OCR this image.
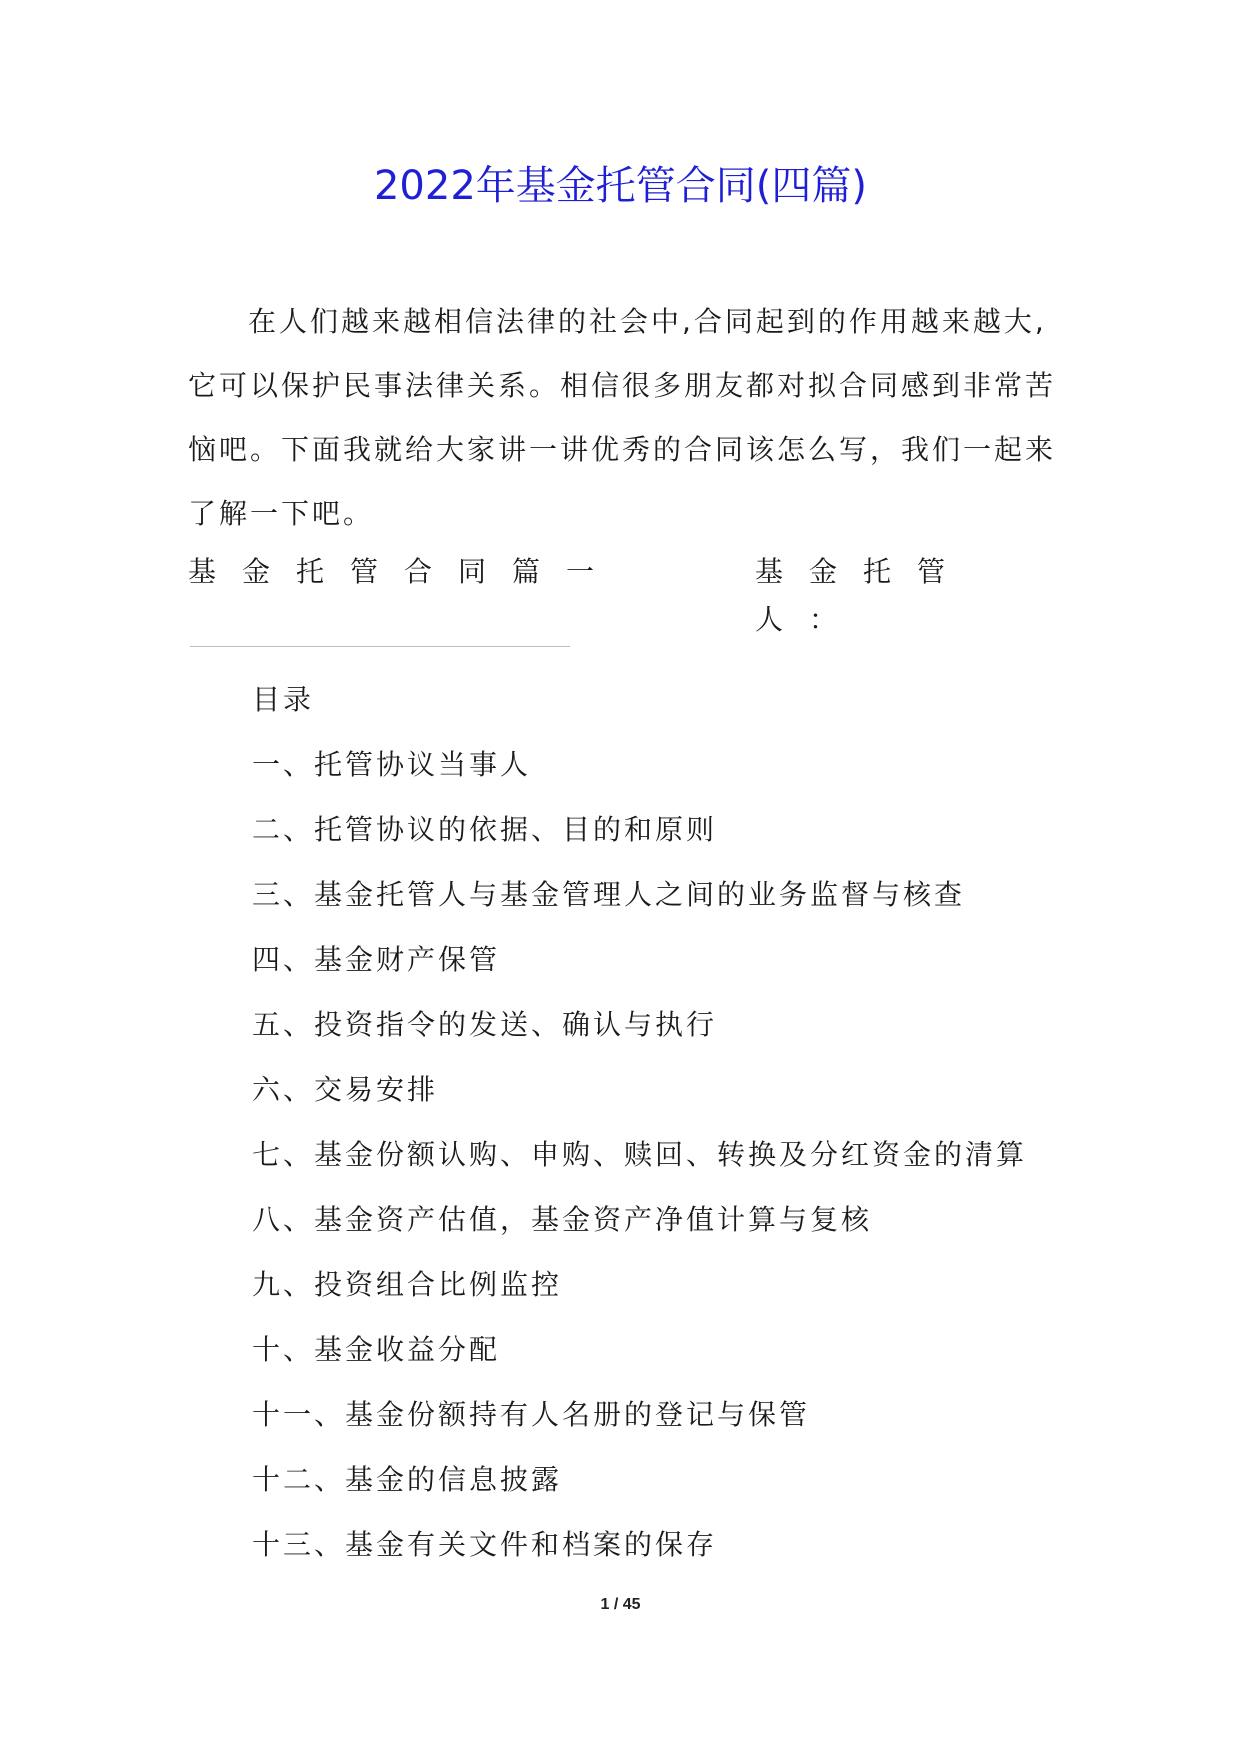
2022年基金托管合同(四篇)
在人们越来越相信法律的社会中,合同起到的作用越来越大,
它可以保护民事法律关系。相信很多朋友都对拟合同感到非常苦
恼吧。下面我就给大家讲一讲优秀的合同该怎么写，我们一起来
了解一下吧。
基金托管合同篇一	基金托管人：
目录
一、托管协议当事人
二、托管协议的依据、目的和原则
三、基金托管人与基金管理人之间的业务监督与核查
四、基金财产保管
五、投资指令的发送、确认与执行
六、交易安排
七、基金份额认购、申购、赎回、转换及分红资金的清算
八、基金资产估值，基金资产净值计算与复核
九、投资组合比例监控
十、基金收益分配
十一、基金份额持有人名册的登记与保管
十二、基金的信息披露
十三、基金有关文件和档案的保存
1 / 45
